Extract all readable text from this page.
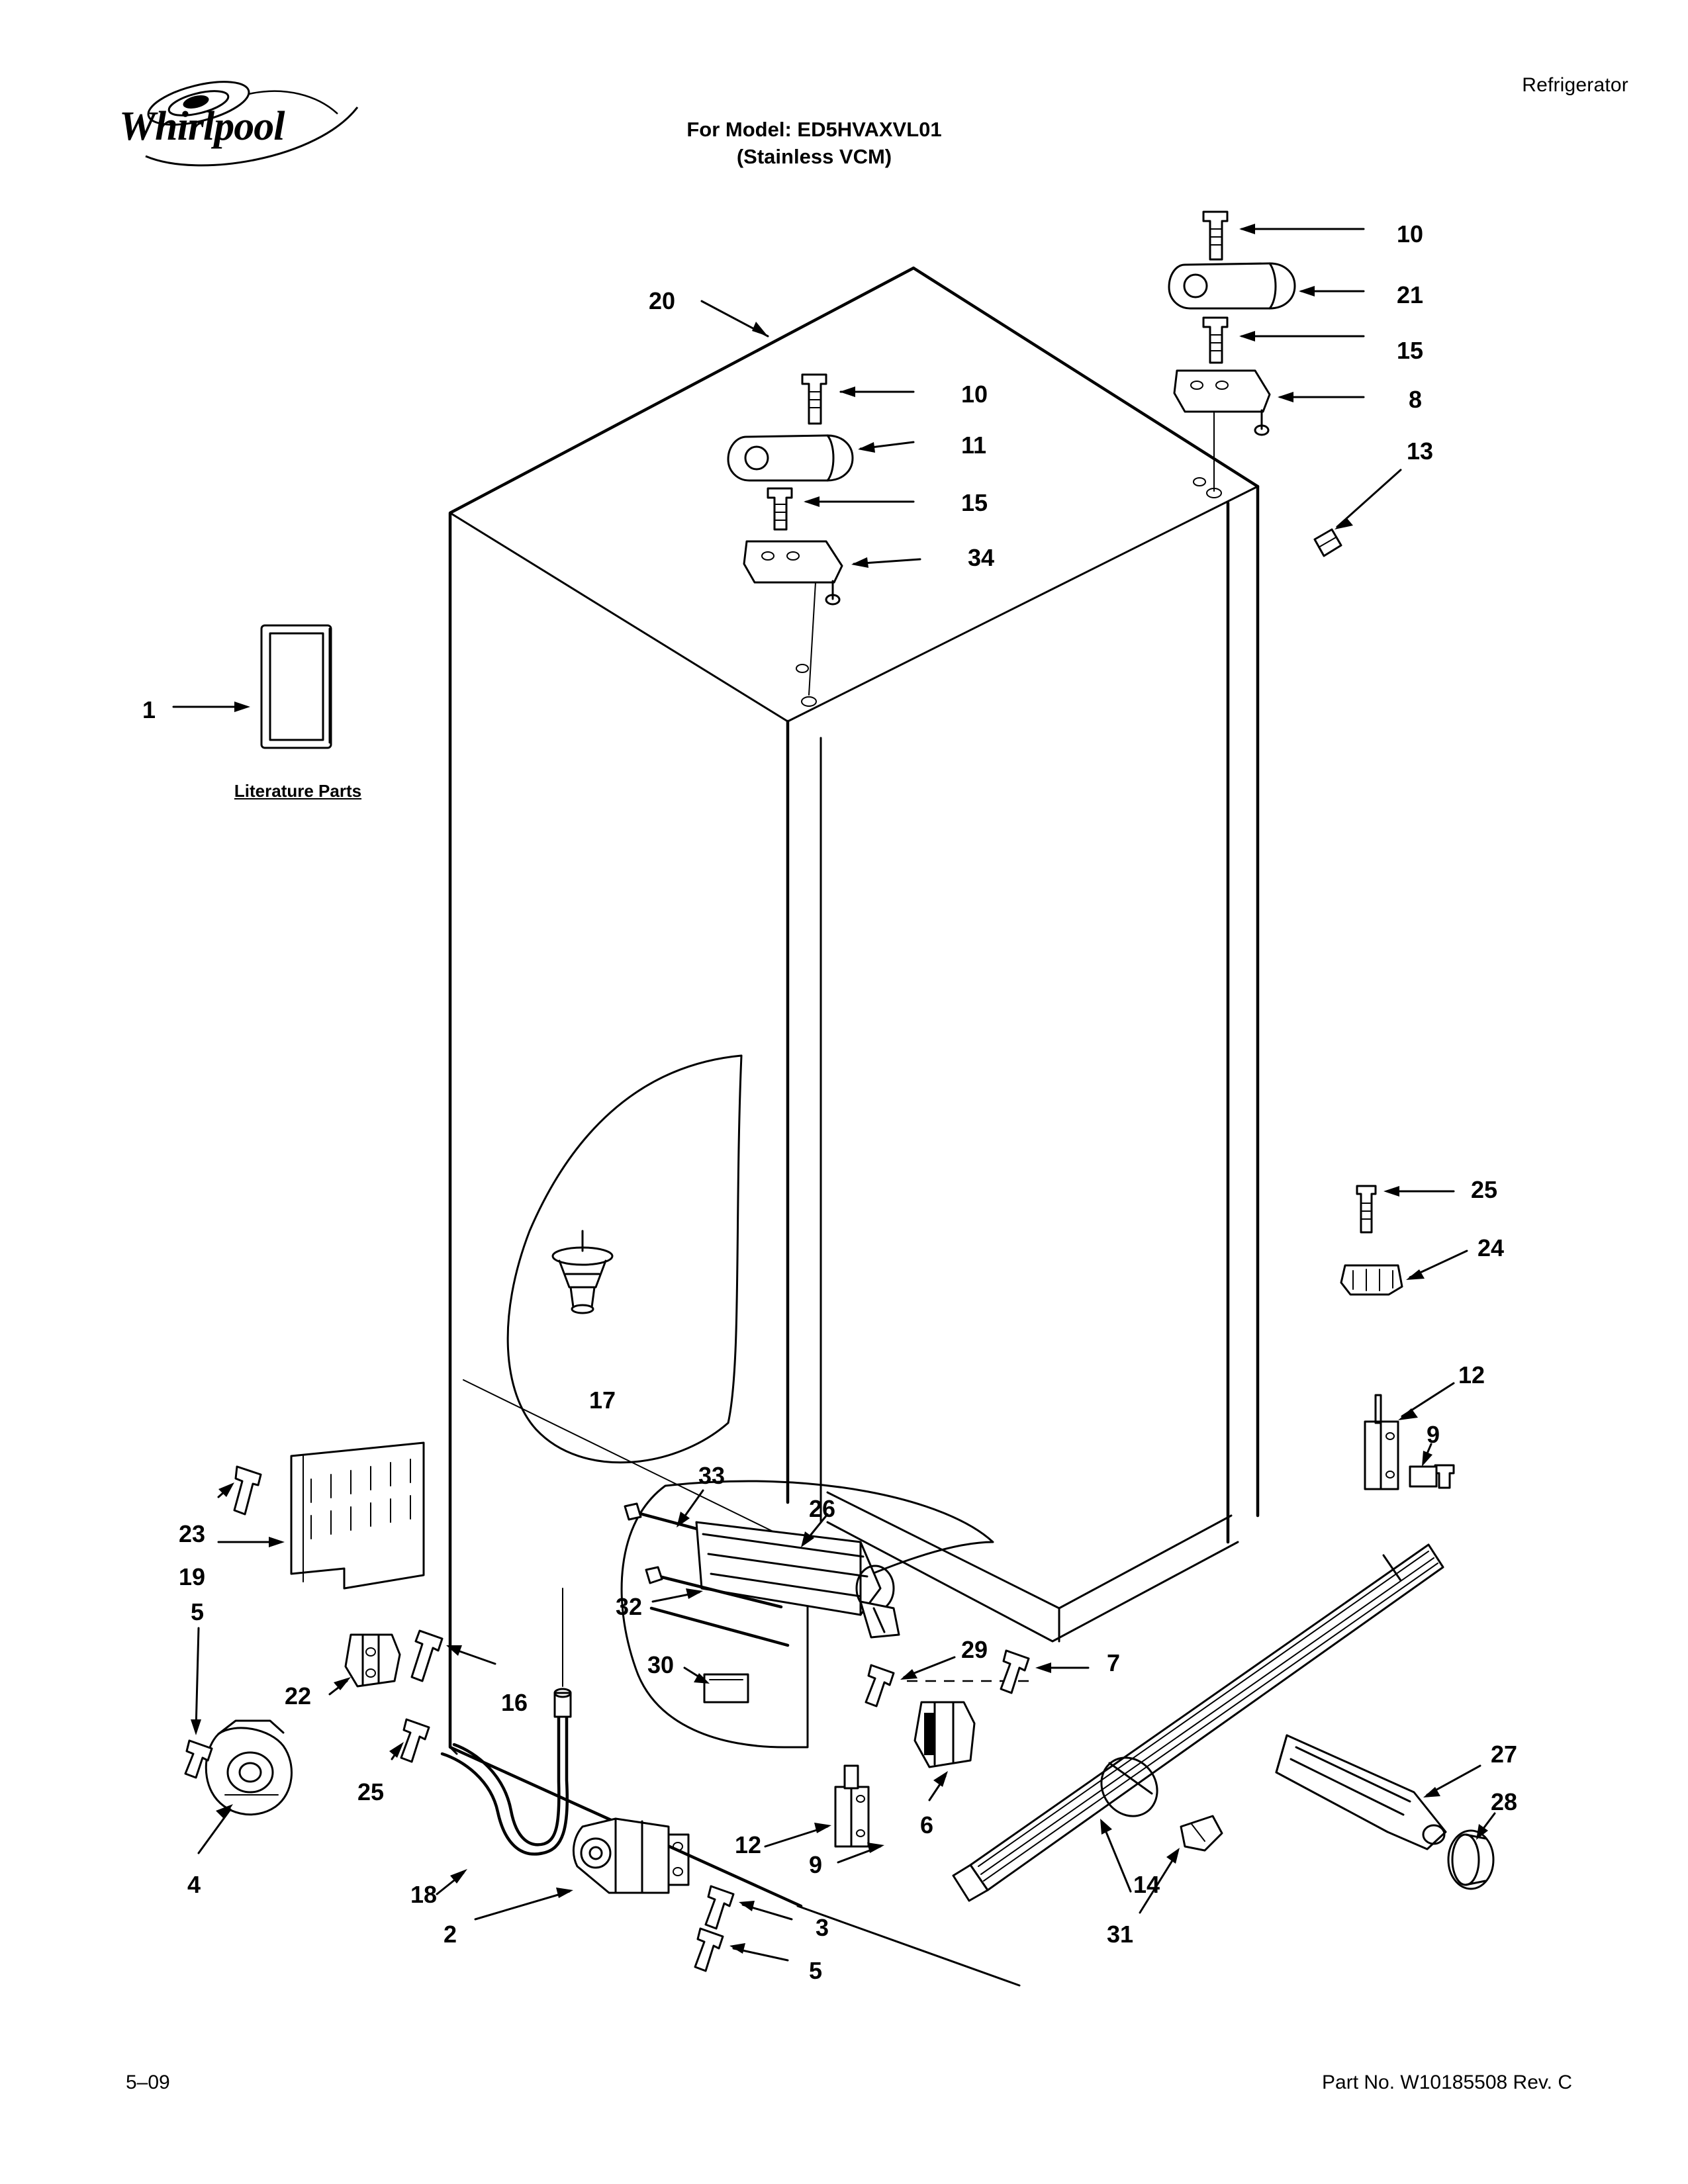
Refrigerator
Whirlpool	For Model: ED5HVAXVL01
(Stainless VCM)
Literature Parts
1
2	3
4
5
5
6
7
8
9
9
10
10
11
12
12
13
14
15
15
16
17
18
19
20	21
22
23
24
25
25
26
27
28
29
30
31
32
33
34
5–09	Part No. W10185508 Rev. C
